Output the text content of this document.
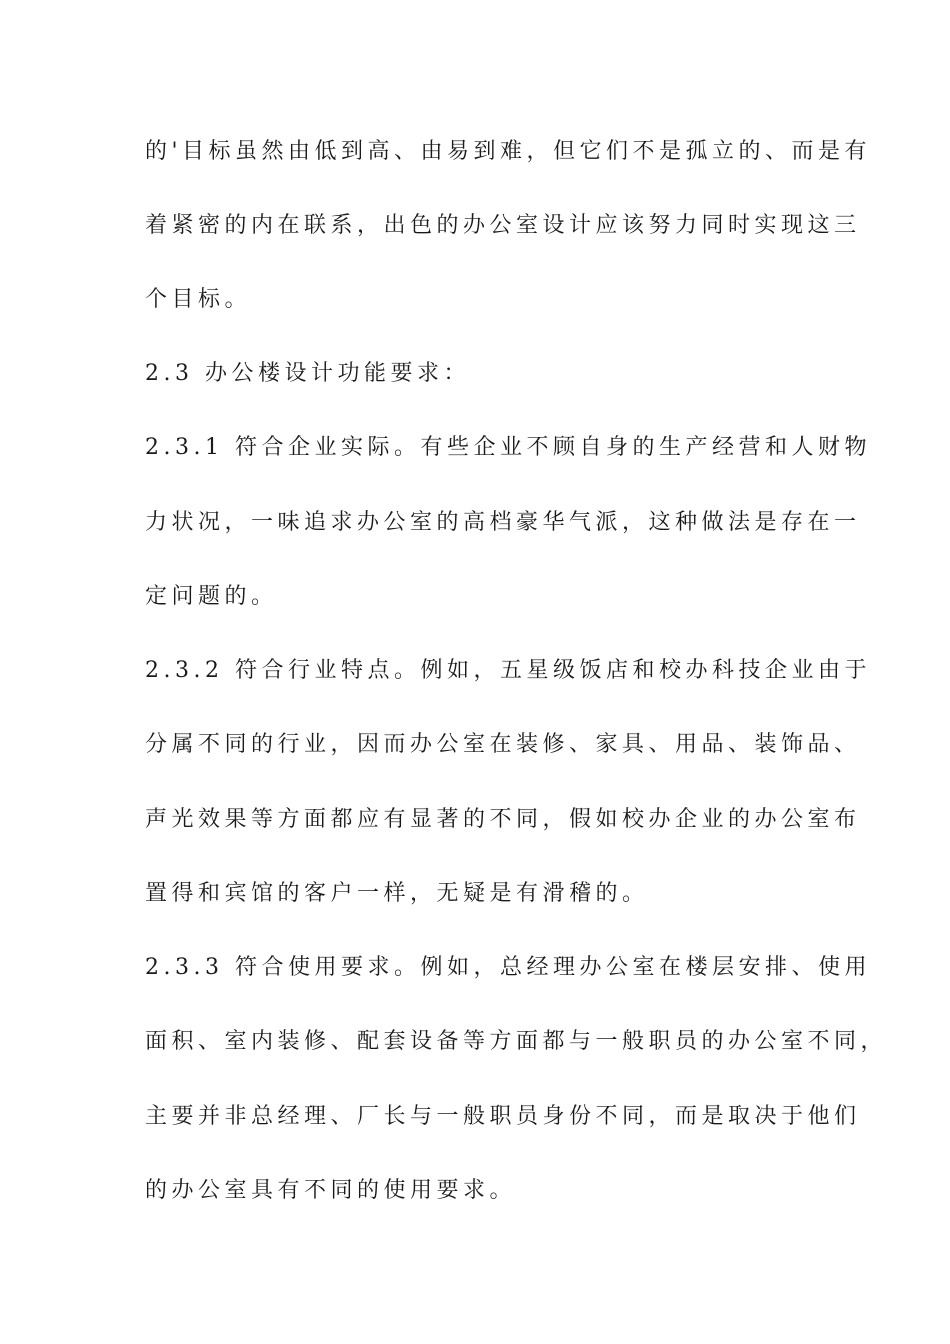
的'目标虽然由低到高、由易到难，但它们不是孤立的、而是有
着紧密的内在联系，出色的办公室设计应该努力同时实现这三
个目标。
2.3 办公楼设计功能要求：
2.3.1 符合企业实际。有些企业不顾自身的生产经营和人财物
力状况，一味追求办公室的高档豪华气派，这种做法是存在一
定问题的。
2.3.2 符合行业特点。例如，五星级饭店和校办科技企业由于
分属不同的行业，因而办公室在装修、家具、用品、装饰品、
声光效果等方面都应有显著的不同，假如校办企业的办公室布
置得和宾馆的客户一样，无疑是有滑稽的。
2.3.3 符合使用要求。例如，总经理办公室在楼层安排、使用
面积、室内装修、配套设备等方面都与一般职员的办公室不同，
主要并非总经理、厂长与一般职员身份不同，而是取决于他们
的办公室具有不同的使用要求。
